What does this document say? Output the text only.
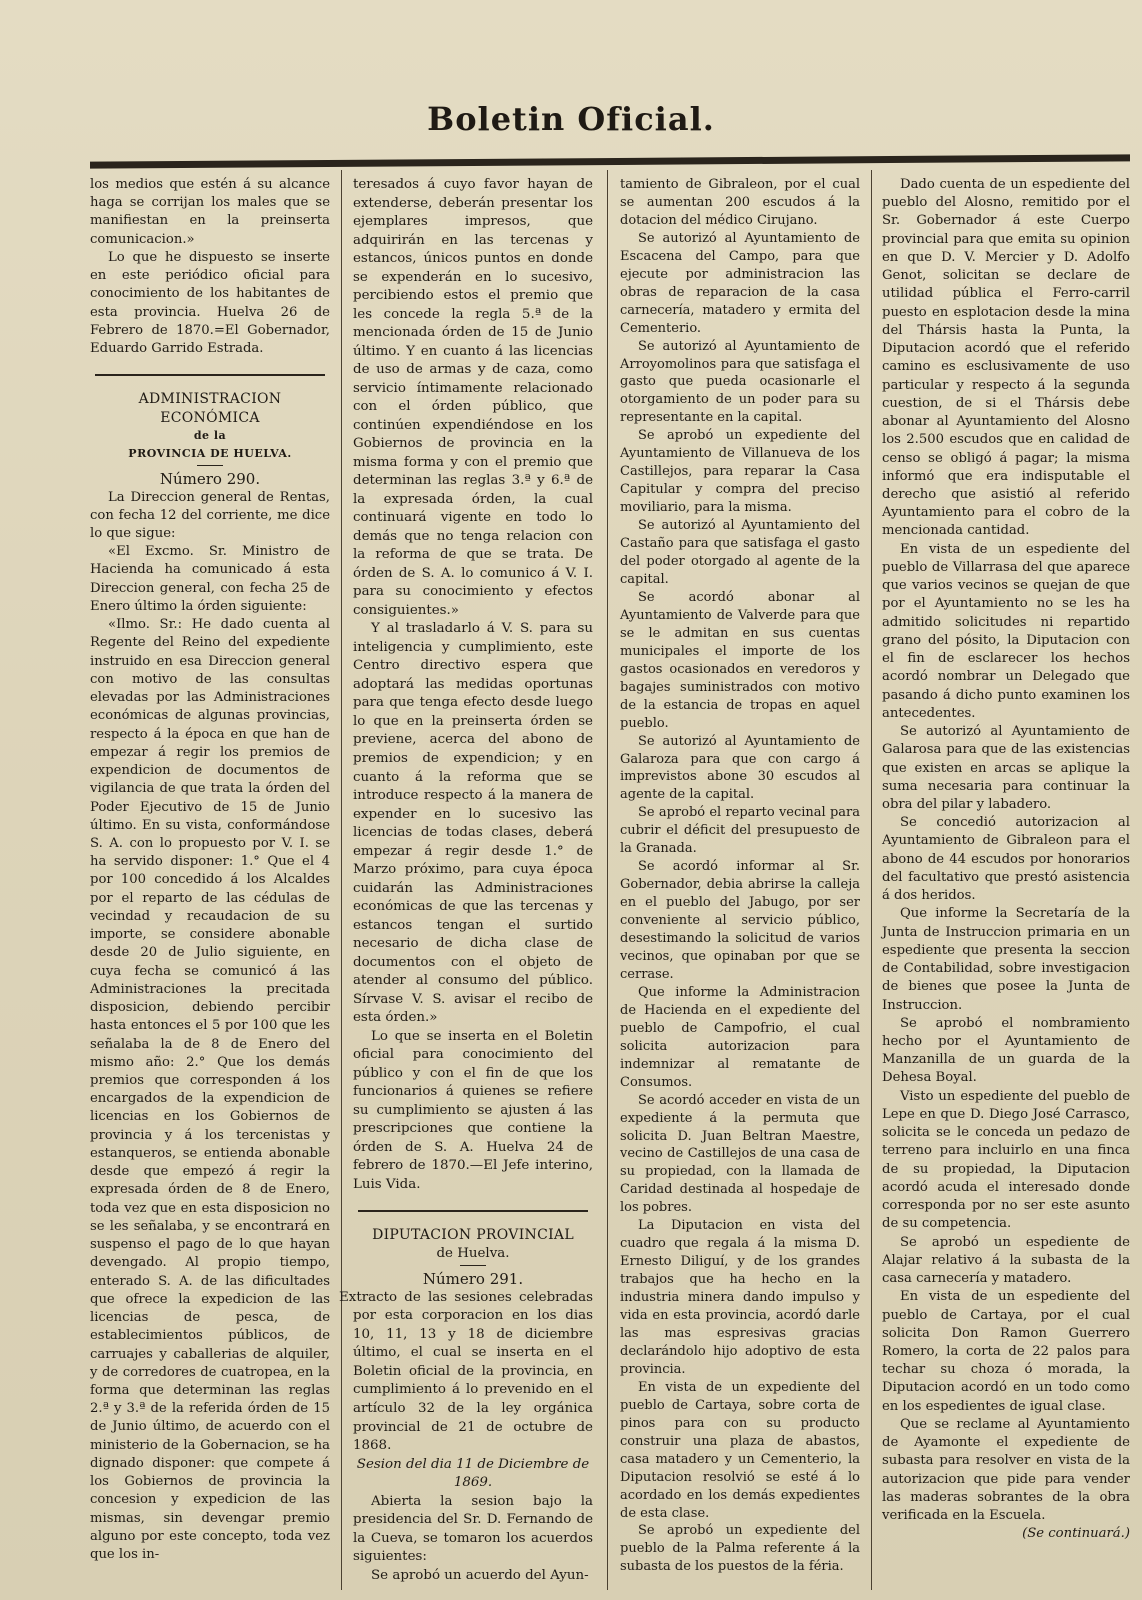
Boletin Oficial.

los medios que estén á su alcance haga se corrijan los males que se manifiestan en la preinserta comunicacion.»

Lo que he dispuesto se inserte en este periódico oficial para conocimiento de los habitantes de esta provincia. Huelva 26 de Febrero de 1870.=El Gobernador, Eduardo Garrido Estrada.

ADMINISTRACION ECONÓMICA

de la

PROVINCIA DE HUELVA.

Número 290.

La Direccion general de Rentas, con fecha 12 del corriente, me dice lo que sigue:

«El Excmo. Sr. Ministro de Hacienda ha comunicado á esta Direccion general, con fecha 25 de Enero último la órden siguiente:

«Ilmo. Sr.: He dado cuenta al Regente del Reino del expediente instruido en esa Direccion general con motivo de las consultas elevadas por las Administraciones económicas de algunas provincias, respecto á la época en que han de empezar á regir los premios de expendicion de documentos de vigilancia de que trata la órden del Poder Ejecutivo de 15 de Junio último. En su vista, conformándose S. A. con lo propuesto por V. I. se ha servido disponer: 1.° Que el 4 por 100 concedido á los Alcaldes por el reparto de las cédulas de vecindad y recaudacion de su importe, se considere abonable desde 20 de Julio siguiente, en cuya fecha se comunicó á las Administraciones la precitada disposicion, debiendo percibir hasta entonces el 5 por 100 que les señalaba la de 8 de Enero del mismo año: 2.° Que los demás premios que corresponden á los encargados de la expendicion de licencias en los Gobiernos de provincia y á los tercenistas y estanqueros, se entienda abonable desde que empezó á regir la expresada órden de 8 de Enero, toda vez que en esta disposicion no se les señalaba, y se encontrará en suspenso el pago de lo que hayan devengado. Al propio tiempo, enterado S. A. de las dificultades que ofrece la expedicion de las licencias de pesca, de establecimientos públicos, de carruajes y caballerias de alquiler, y de corredores de cuatropea, en la forma que determinan las reglas 2.ª y 3.ª de la referida órden de 15 de Junio último, de acuerdo con el ministerio de la Gobernacion, se ha dignado disponer: que compete á los Gobiernos de provincia la concesion y expedicion de las mismas, sin devengar premio alguno por este concepto, toda vez que los in-

teresados á cuyo favor hayan de extenderse, deberán presentar los ejemplares impresos, que adquirirán en las tercenas y estancos, únicos puntos en donde se expenderán en lo sucesivo, percibiendo estos el premio que les concede la regla 5.ª de la mencionada órden de 15 de Junio último. Y en cuanto á las licencias de uso de armas y de caza, como servicio íntimamente relacionado con el órden público, que continúen expendiéndose en los Gobiernos de provincia en la misma forma y con el premio que determinan las reglas 3.ª y 6.ª de la expresada órden, la cual continuará vigente en todo lo demás que no tenga relacion con la reforma de que se trata. De órden de S. A. lo comunico á V. I. para su conocimiento y efectos consiguientes.»

Y al trasladarlo á V. S. para su inteligencia y cumplimiento, este Centro directivo espera que adoptará las medidas oportunas para que tenga efecto desde luego lo que en la preinserta órden se previene, acerca del abono de premios de expendicion; y en cuanto á la reforma que se introduce respecto á la manera de expender en lo sucesivo las licencias de todas clases, deberá empezar á regir desde 1.° de Marzo próximo, para cuya época cuidarán las Administraciones económicas de que las tercenas y estancos tengan el surtido necesario de dicha clase de documentos con el objeto de atender al consumo del público. Sírvase V. S. avisar el recibo de esta órden.»

Lo que se inserta en el Boletin oficial para conocimiento del público y con el fin de que los funcionarios á quienes se refiere su cumplimiento se ajusten á las prescripciones que contiene la órden de S. A. Huelva 24 de febrero de 1870.—El Jefe interino, Luis Vida.

DIPUTACION PROVINCIAL

de Huelva.

Número 291.

Extracto de las sesiones celebradas por esta corporacion en los dias 10, 11, 13 y 18 de diciembre último, el cual se inserta en el Boletin oficial de la provincia, en cumplimiento á lo prevenido en el artículo 32 de la ley orgánica provincial de 21 de octubre de 1868.

Sesion del dia 11 de Diciembre de 1869.

Abierta la sesion bajo la presidencia del Sr. D. Fernando de la Cueva, se tomaron los acuerdos siguientes:

Se aprobó un acuerdo del Ayun-

tamiento de Gibraleon, por el cual se aumentan 200 escudos á la dotacion del médico Cirujano.

Se autorizó al Ayuntamiento de Escacena del Campo, para que ejecute por administracion las obras de reparacion de la casa carnecería, matadero y ermita del Cementerio.

Se autorizó al Ayuntamiento de Arroyomolinos para que satisfaga el gasto que pueda ocasionarle el otorgamiento de un poder para su representante en la capital.

Se aprobó un expediente del Ayuntamiento de Villanueva de los Castillejos, para reparar la Casa Capitular y compra del preciso moviliario, para la misma.

Se autorizó al Ayuntamiento del Castaño para que satisfaga el gasto del poder otorgado al agente de la capital.

Se acordó abonar al Ayuntamiento de Valverde para que se le admitan en sus cuentas municipales el importe de los gastos ocasionados en veredoros y bagajes suministrados con motivo de la estancia de tropas en aquel pueblo.

Se autorizó al Ayuntamiento de Galaroza para que con cargo á imprevistos abone 30 escudos al agente de la capital.

Se aprobó el reparto vecinal para cubrir el déficit del presupuesto de la Granada.

Se acordó informar al Sr. Gobernador, debia abrirse la calleja en el pueblo del Jabugo, por ser conveniente al servicio público, desestimando la solicitud de varios vecinos, que opinaban por que se cerrase.

Que informe la Administracion de Hacienda en el expediente del pueblo de Campofrio, el cual solicita autorizacion para indemnizar al rematante de Consumos.

Se acordó acceder en vista de un expediente á la permuta que solicita D. Juan Beltran Maestre, vecino de Castillejos de una casa de su propiedad, con la llamada de Caridad destinada al hospedaje de los pobres.

La Diputacion en vista del cuadro que regala á la misma D. Ernesto Diliguí, y de los grandes trabajos que ha hecho en la industria minera dando impulso y vida en esta provincia, acordó darle las mas espresivas gracias declarándolo hijo adoptivo de esta provincia.

En vista de un expediente del pueblo de Cartaya, sobre corta de pinos para con su producto construir una plaza de abastos, casa matadero y un Cementerio, la Diputacion resolvió se esté á lo acordado en los demás expedientes de esta clase.

Se aprobó un expediente del pueblo de la Palma referente á la subasta de los puestos de la féria.

Dado cuenta de un espediente del pueblo del Alosno, remitido por el Sr. Gobernador á este Cuerpo provincial para que emita su opinion en que D. V. Mercier y D. Adolfo Genot, solicitan se declare de utilidad pública el Ferro-carril puesto en esplotacion desde la mina del Thársis hasta la Punta, la Diputacion acordó que el referido camino es esclusivamente de uso particular y respecto á la segunda cuestion, de si el Thársis debe abonar al Ayuntamiento del Alosno los 2.500 escudos que en calidad de censo se obligó á pagar; la misma informó que era indisputable el derecho que asistió al referido Ayuntamiento para el cobro de la mencionada cantidad.

En vista de un espediente del pueblo de Villarrasa del que aparece que varios vecinos se quejan de que por el Ayuntamiento no se les ha admitido solicitudes ni repartido grano del pósito, la Diputacion con el fin de esclarecer los hechos acordó nombrar un Delegado que pasando á dicho punto examinen los antecedentes.

Se autorizó al Ayuntamiento de Galarosa para que de las existencias que existen en arcas se aplique la suma necesaria para continuar la obra del pilar y labadero.

Se concedió autorizacion al Ayuntamiento de Gibraleon para el abono de 44 escudos por honorarios del facultativo que prestó asistencia á dos heridos.

Que informe la Secretaría de la Junta de Instruccion primaria en un espediente que presenta la seccion de Contabilidad, sobre investigacion de bienes que posee la Junta de Instruccion.

Se aprobó el nombramiento hecho por el Ayuntamiento de Manzanilla de un guarda de la Dehesa Boyal.

Visto un espediente del pueblo de Lepe en que D. Diego José Carrasco, solicita se le conceda un pedazo de terreno para incluirlo en una finca de su propiedad, la Diputacion acordó acuda el interesado donde corresponda por no ser este asunto de su competencia.

Se aprobó un espediente de Alajar relativo á la subasta de la casa carnecería y matadero.

En vista de un espediente del pueblo de Cartaya, por el cual solicita Don Ramon Guerrero Romero, la corta de 22 palos para techar su choza ó morada, la Diputacion acordó en un todo como en los espedientes de igual clase.

Que se reclame al Ayuntamiento de Ayamonte el expediente de subasta para resolver en vista de la autorizacion que pide para vender las maderas sobrantes de la obra verificada en la Escuela.

(Se continuará.)
